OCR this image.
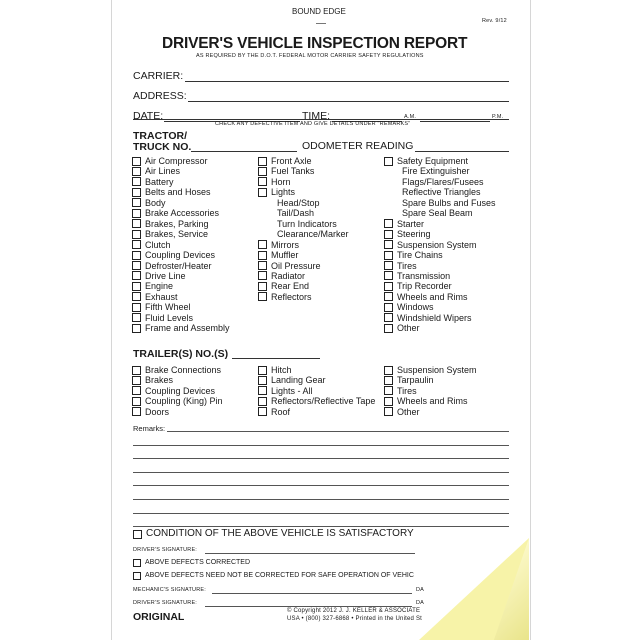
BOUND EDGE
Rev. 9/12
DRIVER'S VEHICLE INSPECTION REPORT
AS REQUIRED BY THE D.O.T. FEDERAL MOTOR CARRIER SAFETY REGULATIONS
CARRIER:
ADDRESS:
DATE:	TIME:	A.M.	P.M.
CHECK ANY DEFECTIVE ITEM AND GIVE DETAILS UNDER "REMARKS"
TRACTOR/
TRUCK NO.	ODOMETER READING
Air Compressor
Air Lines
Battery
Belts and Hoses
Body
Brake Accessories
Brakes, Parking
Brakes, Service
Clutch
Coupling Devices
Defroster/Heater
Drive Line
Engine
Exhaust
Fifth Wheel
Fluid Levels
Frame and Assembly
Front Axle
Fuel Tanks
Horn
Lights
Head/Stop
Tail/Dash
Turn Indicators
Clearance/Marker
Mirrors
Muffler
Oil Pressure
Radiator
Rear End
Reflectors
Safety Equipment
Fire Extinguisher
Flags/Flares/Fusees
Reflective Triangles
Spare Bulbs and Fuses
Spare Seal Beam
Starter
Steering
Suspension System
Tire Chains
Tires
Transmission
Trip Recorder
Wheels and Rims
Windows
Windshield Wipers
Other
TRAILER(S) NO.(S)
Brake Connections
Brakes
Coupling Devices
Coupling (King) Pin
Doors
Hitch
Landing Gear
Lights - All
Reflectors/Reflective Tape
Roof
Suspension System
Tarpaulin
Tires
Wheels and Rims
Other
Remarks:
CONDITION OF THE ABOVE VEHICLE IS SATISFACTORY
DRIVER'S SIGNATURE:
ABOVE DEFECTS CORRECTED
ABOVE DEFECTS NEED NOT BE CORRECTED FOR SAFE OPERATION OF VEHIC
MECHANIC'S SIGNATURE:	DA
DRIVER'S SIGNATURE:	DA
ORIGINAL	© Copyright 2012 J. J. KELLER & ASSOCIATE
USA • (800) 327-6868 • Printed in the United St
